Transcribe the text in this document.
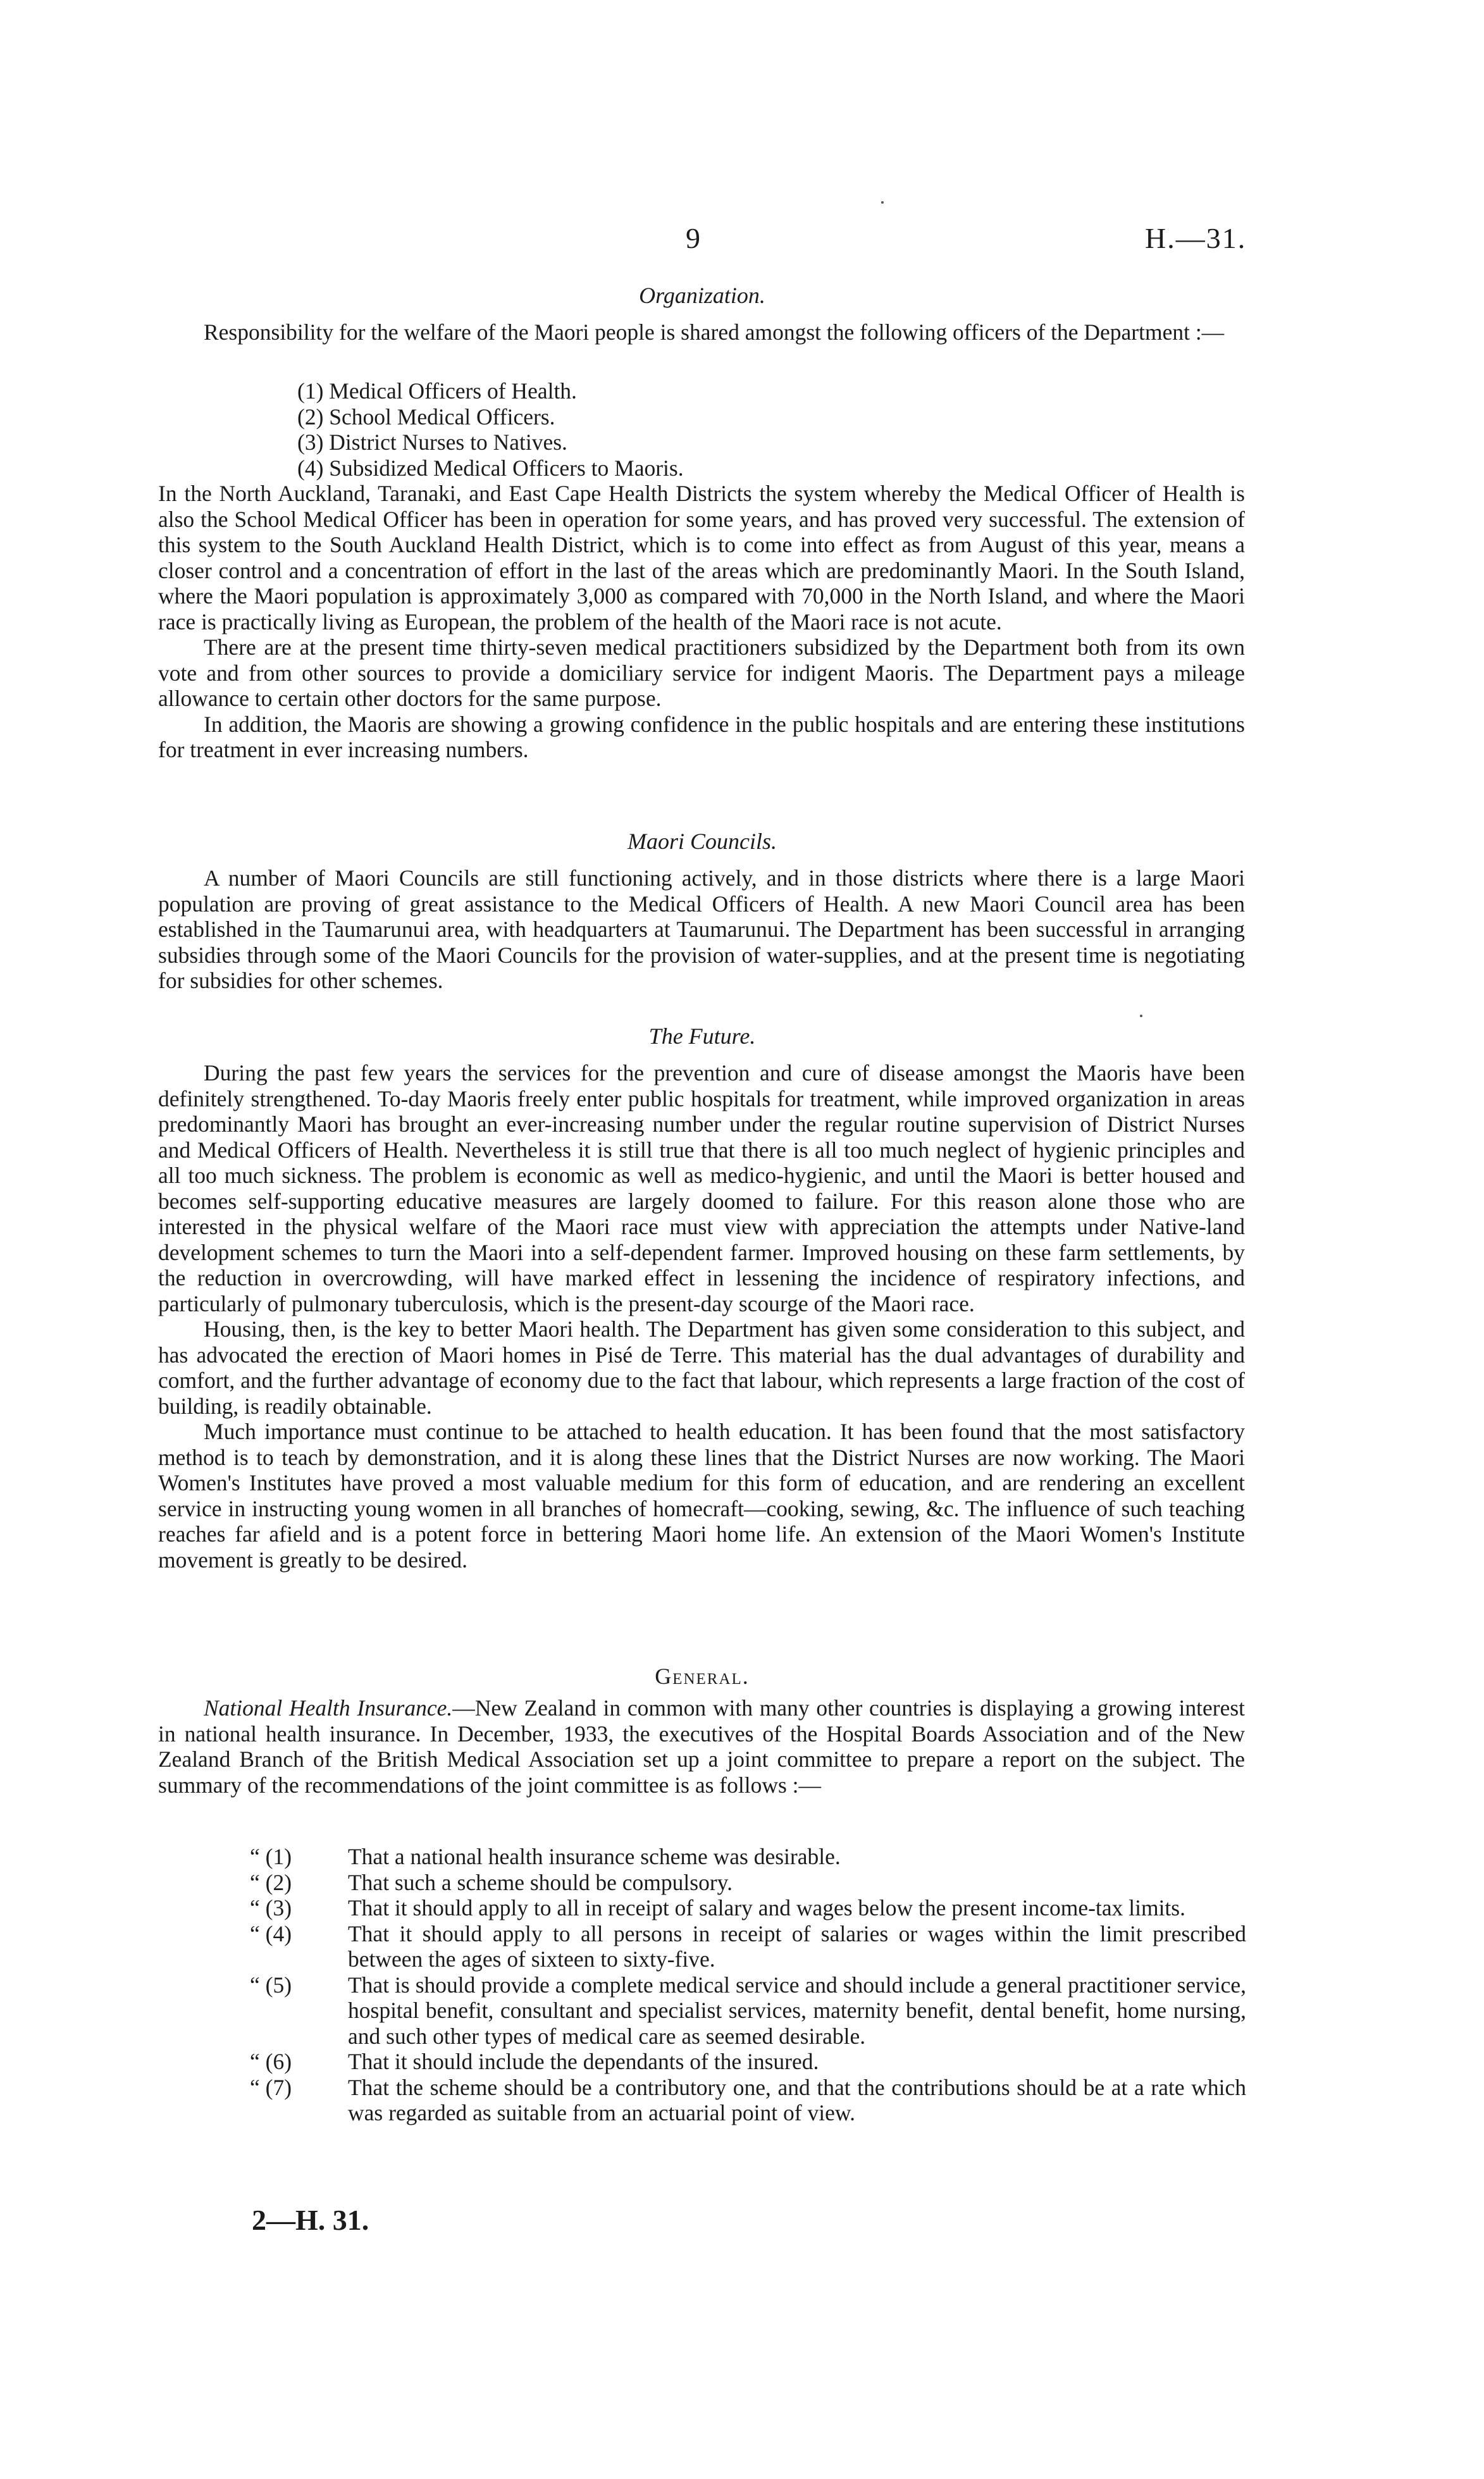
9	H.—31.
Organization.

Responsibility for the welfare of the Maori people is shared amongst the following officers of the Department :—

(1) Medical Officers of Health.
(2) School Medical Officers.
(3) District Nurses to Natives.
(4) Subsidized Medical Officers to Maoris.

In the North Auckland, Taranaki, and East Cape Health Districts the system whereby the Medical Officer of Health is also the School Medical Officer has been in operation for some years, and has proved very successful. The extension of this system to the South Auckland Health District, which is to come into effect as from August of this year, means a closer control and a concentration of effort in the last of the areas which are predominantly Maori. In the South Island, where the Maori population is approximately 3,000 as compared with 70,000 in the North Island, and where the Maori race is practically living as European, the problem of the health of the Maori race is not acute.

There are at the present time thirty-seven medical practitioners subsidized by the Department both from its own vote and from other sources to provide a domiciliary service for indigent Maoris. The Department pays a mileage allowance to certain other doctors for the same purpose.

In addition, the Maoris are showing a growing confidence in the public hospitals and are entering these institutions for treatment in ever increasing numbers.

Maori Councils.

A number of Maori Councils are still functioning actively, and in those districts where there is a large Maori population are proving of great assistance to the Medical Officers of Health. A new Maori Council area has been established in the Taumarunui area, with headquarters at Taumarunui. The Department has been successful in arranging subsidies through some of the Maori Councils for the provision of water-supplies, and at the present time is negotiating for subsidies for other schemes.

The Future.

During the past few years the services for the prevention and cure of disease amongst the Maoris have been definitely strengthened. To-day Maoris freely enter public hospitals for treatment, while improved organization in areas predominantly Maori has brought an ever-increasing number under the regular routine supervision of District Nurses and Medical Officers of Health. Nevertheless it is still true that there is all too much neglect of hygienic principles and all too much sickness. The problem is economic as well as medico-hygienic, and until the Maori is better housed and becomes self-supporting educative measures are largely doomed to failure. For this reason alone those who are interested in the physical welfare of the Maori race must view with appreciation the attempts under Native-land development schemes to turn the Maori into a self-dependent farmer. Improved housing on these farm settlements, by the reduction in overcrowding, will have marked effect in lessening the incidence of respiratory infections, and particularly of pulmonary tuberculosis, which is the present-day scourge of the Maori race.

Housing, then, is the key to better Maori health. The Department has given some consideration to this subject, and has advocated the erection of Maori homes in Pisé de Terre. This material has the dual advantages of durability and comfort, and the further advantage of economy due to the fact that labour, which represents a large fraction of the cost of building, is readily obtainable.

Much importance must continue to be attached to health education. It has been found that the most satisfactory method is to teach by demonstration, and it is along these lines that the District Nurses are now working. The Maori Women's Institutes have proved a most valuable medium for this form of education, and are rendering an excellent service in instructing young women in all branches of homecraft—cooking, sewing, &c. The influence of such teaching reaches far afield and is a potent force in bettering Maori home life. An extension of the Maori Women's Institute movement is greatly to be desired.

General.

National Health Insurance.—New Zealand in common with many other countries is displaying a growing interest in national health insurance. In December, 1933, the executives of the Hospital Boards Association and of the New Zealand Branch of the British Medical Association set up a joint committee to prepare a report on the subject. The summary of the recommendations of the joint committee is as follows :—

“ (1)	That a national health insurance scheme was desirable.
“ (2)	That such a scheme should be compulsory.
“ (3)	That it should apply to all in receipt of salary and wages below the present income-tax limits.
“ (4)	That it should apply to all persons in receipt of salaries or wages within the limit prescribed between the ages of sixteen to sixty-five.
“ (5)	That is should provide a complete medical service and should include a general practitioner service, hospital benefit, consultant and specialist services, maternity benefit, dental benefit, home nursing, and such other types of medical care as seemed desirable.
“ (6)	That it should include the dependants of the insured.
“ (7)	That the scheme should be a contributory one, and that the contributions should be at a rate which was regarded as suitable from an actuarial point of view.
2—H. 31.
